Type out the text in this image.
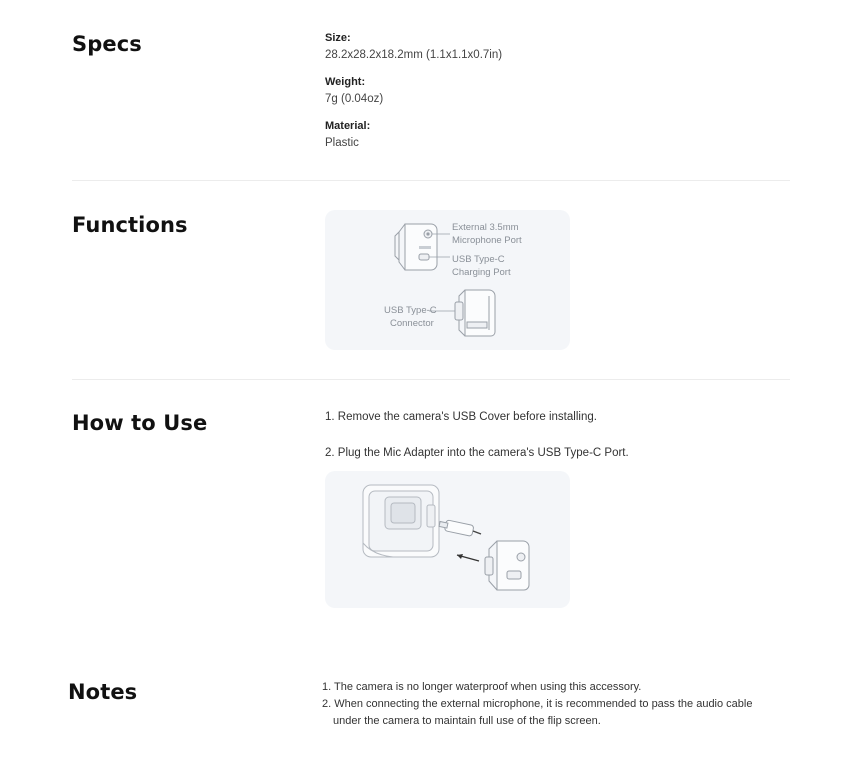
Specs	Size:
28.2x28.2x18.2mm (1.1x1.1x0.7in)
Weight:
7g (0.04oz)
Material:
Plastic
Functions	External 3.5mm
Microphone Port
USB Type-C
Charging Port
USB Type-C
Connector
How to Use	1. Remove the camera's USB Cover before installing.
2. Plug the Mic Adapter into the camera's USB Type-C Port.
Notes	1. The camera is no longer waterproof when using this accessory.
2. When connecting the external microphone, it is recommended to pass the audio cable
under the camera to maintain full use of the flip screen.
